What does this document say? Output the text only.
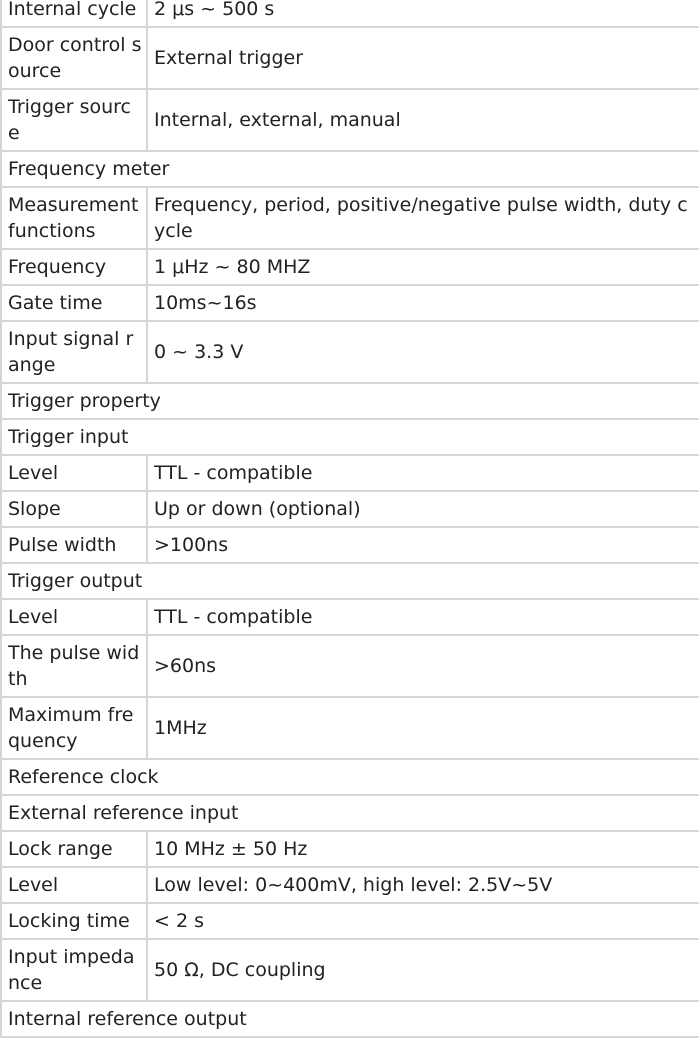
Internal cycle	2 μs ~ 500 s
Door control source	External trigger
Trigger source	Internal, external, manual
Frequency meter	
Measurement functions	Frequency, period, positive/negative pulse width, duty cycle
Frequency	1 μHz ~ 80 MHZ
Gate time	10ms~16s
Input signal range	0 ~ 3.3 V
Trigger property	
Trigger input	
Level	TTL - compatible
Slope	Up or down (optional)
Pulse width	>100ns
Trigger output	
Level	TTL - compatible
The pulse width	>60ns
Maximum frequency	1MHz
Reference clock	
External reference input	
Lock range	10 MHz ± 50 Hz
Level	Low level: 0~400mV, high level: 2.5V~5V
Locking time	< 2 s
Input impedance	50 Ω, DC coupling
Internal reference output	
